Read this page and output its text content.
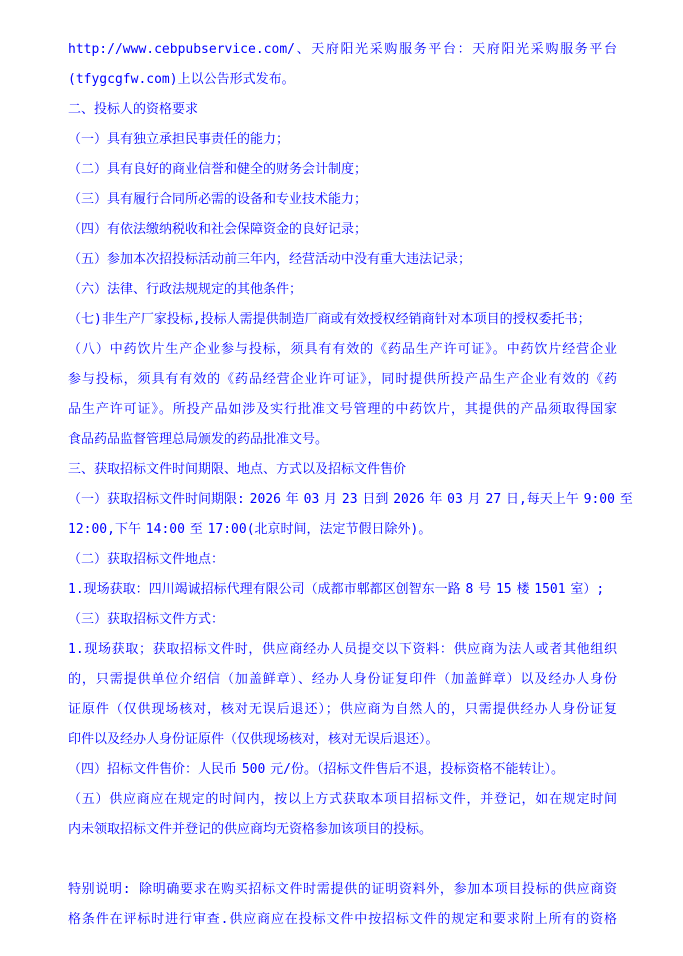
http://www.cebpubservice.com/、天府阳光采购服务平台：天府阳光采购服务平台
(tfygcgfw.com)上以公告形式发布。
二、投标人的资格要求
（一）具有独立承担民事责任的能力；
（二）具有良好的商业信誉和健全的财务会计制度；
（三）具有履行合同所必需的设备和专业技术能力；
（四）有依法缴纳税收和社会保障资金的良好记录；
（五）参加本次招投标活动前三年内，经营活动中没有重大违法记录；
（六）法律、行政法规规定的其他条件；
（七)非生产厂家投标,投标人需提供制造厂商或有效授权经销商针对本项目的授权委托书；
（八）中药饮片生产企业参与投标，须具有有效的《药品生产许可证》。中药饮片经营企业
参与投标，须具有有效的《药品经营企业许可证》，同时提供所投产品生产企业有效的《药
品生产许可证》。所投产品如涉及实行批准文号管理的中药饮片，其提供的产品须取得国家
食品药品监督管理总局颁发的药品批准文号。
三、获取招标文件时间期限、地点、方式以及招标文件售价
（一）获取招标文件时间期限: 2026 年 03 月 23 日到 2026 年 03 月 27 日,每天上午 9:00 至
12:00,下午 14:00 至 17:00(北京时间，法定节假日除外)。
（二）获取招标文件地点：
1.现场获取：四川竭诚招标代理有限公司（成都市郫都区创智东一路 8 号 15 楼 1501 室）;
（三）获取招标文件方式：
1.现场获取；获取招标文件时，供应商经办人员提交以下资料：供应商为法人或者其他组织
的，只需提供单位介绍信（加盖鲜章）、经办人身份证复印件（加盖鲜章）以及经办人身份
证原件（仅供现场核对，核对无误后退还）；供应商为自然人的，只需提供经办人身份证复
印件以及经办人身份证原件（仅供现场核对，核对无误后退还）。
（四）招标文件售价：人民币 500 元/份。（招标文件售后不退，投标资格不能转让）。
（五）供应商应在规定的时间内，按以上方式获取本项目招标文件，并登记，如在规定时间
内未领取招标文件并登记的供应商均无资格参加该项目的投标。
特别说明: 除明确要求在购买招标文件时需提供的证明资料外，参加本项目投标的供应商资
格条件在评标时进行审查.供应商应在投标文件中按招标文件的规定和要求附上所有的资格
